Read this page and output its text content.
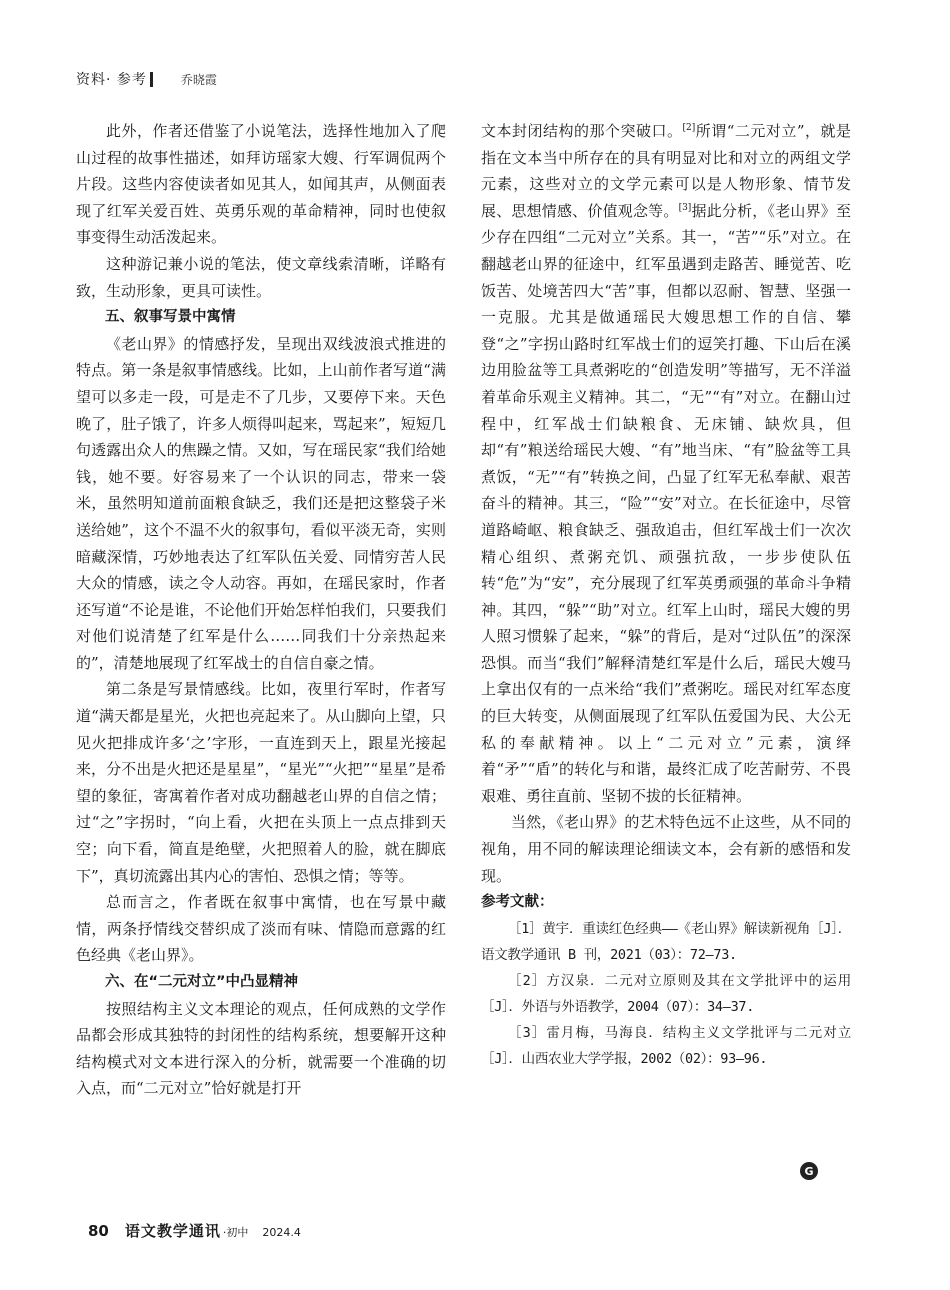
资料· 参考	乔晓霞

此外，作者还借鉴了小说笔法，选择性地加入了爬山过程的故事性描述，如拜访瑶家大嫂、行军调侃两个片段。这些内容使读者如见其人，如闻其声，从侧面表现了红军关爱百姓、英勇乐观的革命精神，同时也使叙事变得生动活泼起来。

这种游记兼小说的笔法，使文章线索清晰，详略有致，生动形象，更具可读性。

五、叙事写景中寓情

《老山界》的情感抒发，呈现出双线波浪式推进的特点。第一条是叙事情感线。比如，上山前作者写道“满望可以多走一段，可是走不了几步，又要停下来。天色晚了，肚子饿了，许多人烦得叫起来，骂起来”，短短几句透露出众人的焦躁之情。又如，写在瑶民家“我们给她钱，她不要。好容易来了一个认识的同志，带来一袋米，虽然明知道前面粮食缺乏，我们还是把这整袋子米送给她”，这个不温不火的叙事句，看似平淡无奇，实则暗藏深情，巧妙地表达了红军队伍关爱、同情穷苦人民大众的情感，读之令人动容。再如，在瑶民家时，作者还写道“不论是谁，不论他们开始怎样怕我们，只要我们对他们说清楚了红军是什么……同我们十分亲热起来的”，清楚地展现了红军战士的自信自豪之情。

第二条是写景情感线。比如，夜里行军时，作者写道“满天都是星光，火把也亮起来了。从山脚向上望，只见火把排成许多‘之’字形，一直连到天上，跟星光接起来，分不出是火把还是星星”，“星光”“火把”“星星”是希望的象征，寄寓着作者对成功翻越老山界的自信之情；过“之”字拐时，“向上看，火把在头顶上一点点排到天空；向下看，简直是绝壁，火把照着人的脸，就在脚底下”，真切流露出其内心的害怕、恐惧之情；等等。

总而言之，作者既在叙事中寓情，也在写景中藏情，两条抒情线交替织成了淡而有味、情隐而意露的红色经典《老山界》。

六、在“二元对立”中凸显精神

按照结构主义文本理论的观点，任何成熟的文学作品都会形成其独特的封闭性的结构系统，想要解开这种结构模式对文本进行深入的分析，就需要一个准确的切入点，而“二元对立”恰好就是打开

文本封闭结构的那个突破口。[2]所谓“二元对立”，就是指在文本当中所存在的具有明显对比和对立的两组文学元素，这些对立的文学元素可以是人物形象、情节发展、思想情感、价值观念等。[3]据此分析，《老山界》至少存在四组“二元对立”关系。其一，“苦”“乐”对立。在翻越老山界的征途中，红军虽遇到走路苦、睡觉苦、吃饭苦、处境苦四大“苦”事，但都以忍耐、智慧、坚强一一克服。尤其是做通瑶民大嫂思想工作的自信、攀登“之”字拐山路时红军战士们的逗笑打趣、下山后在溪边用脸盆等工具煮粥吃的“创造发明”等描写，无不洋溢着革命乐观主义精神。其二，“无”“有”对立。在翻山过程中，红军战士们缺粮食、无床铺、缺炊具，但却“有”粮送给瑶民大嫂、“有”地当床、“有”脸盆等工具煮饭，“无”“有”转换之间，凸显了红军无私奉献、艰苦奋斗的精神。其三，“险”“安”对立。在长征途中，尽管道路崎岖、粮食缺乏、强敌追击，但红军战士们一次次精心组织、煮粥充饥、顽强抗敌，一步步使队伍转“危”为“安”，充分展现了红军英勇顽强的革命斗争精神。其四，“躲”“助”对立。红军上山时，瑶民大嫂的男人照习惯躲了起来，“躲”的背后，是对“过队伍”的深深恐惧。而当“我们”解释清楚红军是什么后，瑶民大嫂马上拿出仅有的一点米给“我们”煮粥吃。瑶民对红军态度的巨大转变，从侧面展现了红军队伍爱国为民、大公无私的奉献精神。以上“二元对立”元素，演绎着“矛”“盾”的转化与和谐，最终汇成了吃苦耐劳、不畏艰难、勇往直前、坚韧不拔的长征精神。

当然，《老山界》的艺术特色远不止这些，从不同的视角，用不同的解读理论细读文本，会有新的感悟和发现。

参考文献：

［1］黄宇．重读红色经典——《老山界》解读新视角［J］．语文教学通讯 B 刊，2021（03）：72–73.

［2］方汉泉．二元对立原则及其在文学批评中的运用［J］．外语与外语教学，2004（07）：34–37.

［3］雷月梅，马海良．结构主义文学批评与二元对立［J］．山西农业大学学报，2002（02）：93–96.

G
80 语文教学通讯 ·初中 2024.4
